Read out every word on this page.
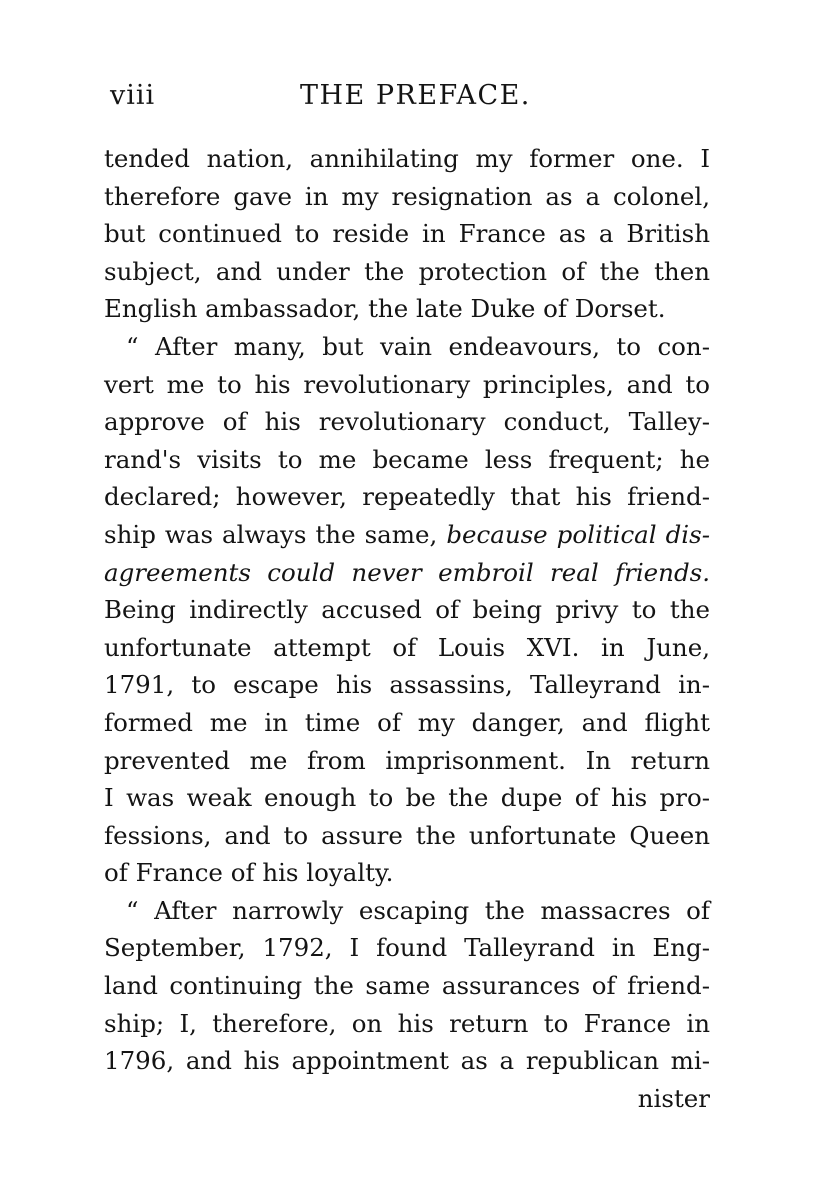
viii	THE PREFACE.
tended nation, annihilating my former one. I
therefore gave in my resignation as a colonel,
but continued to reside in France as a British
subject, and under the protection of the then
English ambassador, the late Duke of Dorset.
“ After many, but vain endeavours, to con-
vert me to his revolutionary principles, and to
approve of his revolutionary conduct, Talley-
rand's visits to me became less frequent; he
declared; however, repeatedly that his friend-
ship was always the same, because political dis-
agreements could never embroil real friends.
Being indirectly accused of being privy to the
unfortunate attempt of Louis XVI. in June,
1791, to escape his assassins, Talleyrand in-
formed me in time of my danger, and flight
prevented me from imprisonment. In return
I was weak enough to be the dupe of his pro-
fessions, and to assure the unfortunate Queen
of France of his loyalty.
“ After narrowly escaping the massacres of
September, 1792, I found Talleyrand in Eng-
land continuing the same assurances of friend-
ship; I, therefore, on his return to France in
1796, and his appointment as a republican mi-
nister
